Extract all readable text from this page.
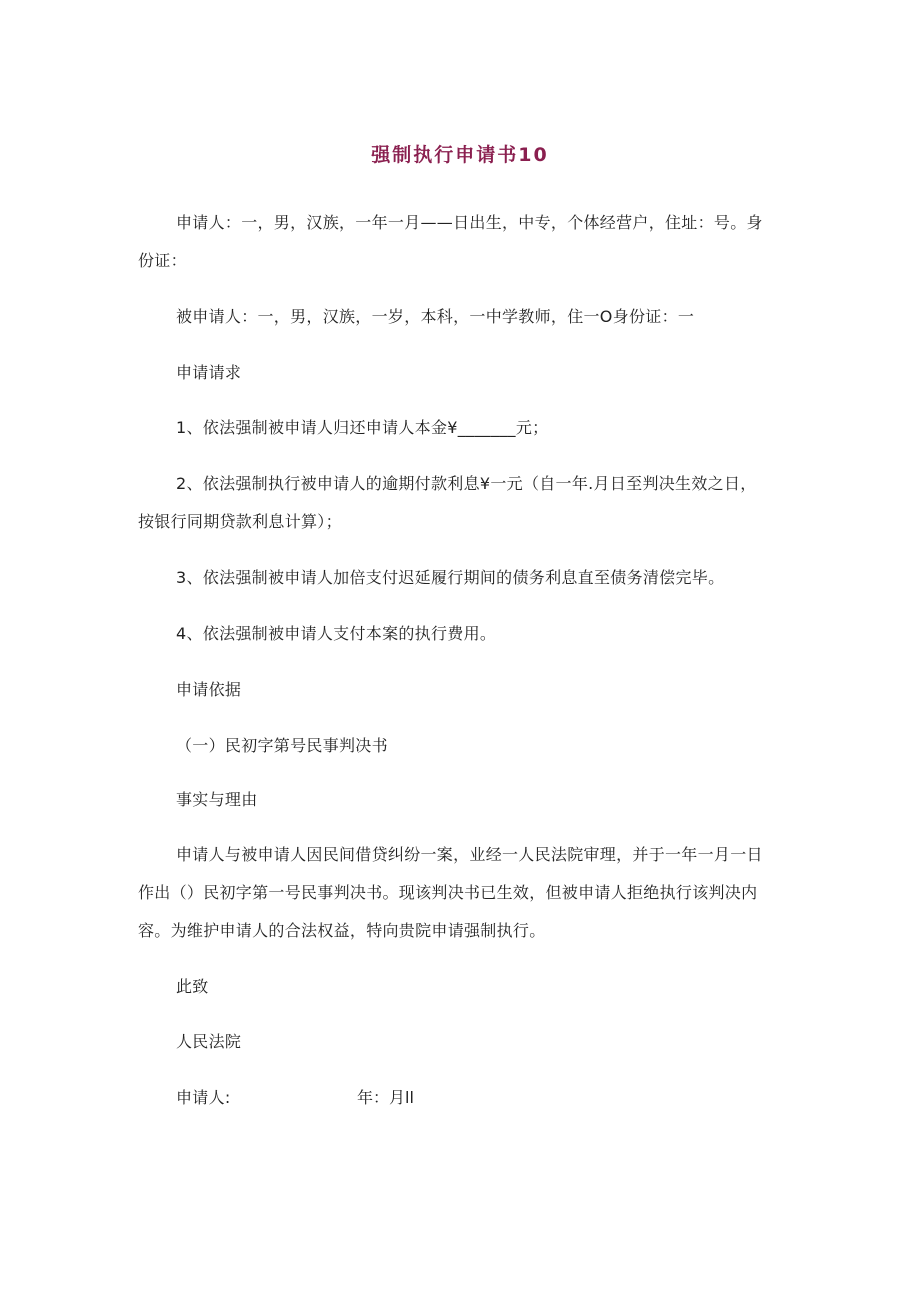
强制执行申请书10
申请人：一，男，汉族，一年一月——日出生，中专，个体经营户，住址：号。身
份证：
被申请人：一，男，汉族，一岁，本科，一中学教师，住一O身份证：一
申请请求
1、依法强制被申请人归还申请人本金¥_______元；
2、依法强制执行被申请人的逾期付款利息¥一元（自一年.月日至判决生效之日，
按银行同期贷款利息计算）；
3、依法强制被申请人加倍支付迟延履行期间的债务利息直至债务清偿完毕。
4、依法强制被申请人支付本案的执行费用。
申请依据
（一）民初字第号民事判决书
事实与理由
申请人与被申请人因民间借贷纠纷一案，业经一人民法院审理，并于一年一月一日
作出（）民初字第一号民事判决书。现该判决书已生效，但被申请人拒绝执行该判决内
容。为维护申请人的合法权益，特向贵院申请强制执行。
此致
人民法院
申请人:	年：月ll
